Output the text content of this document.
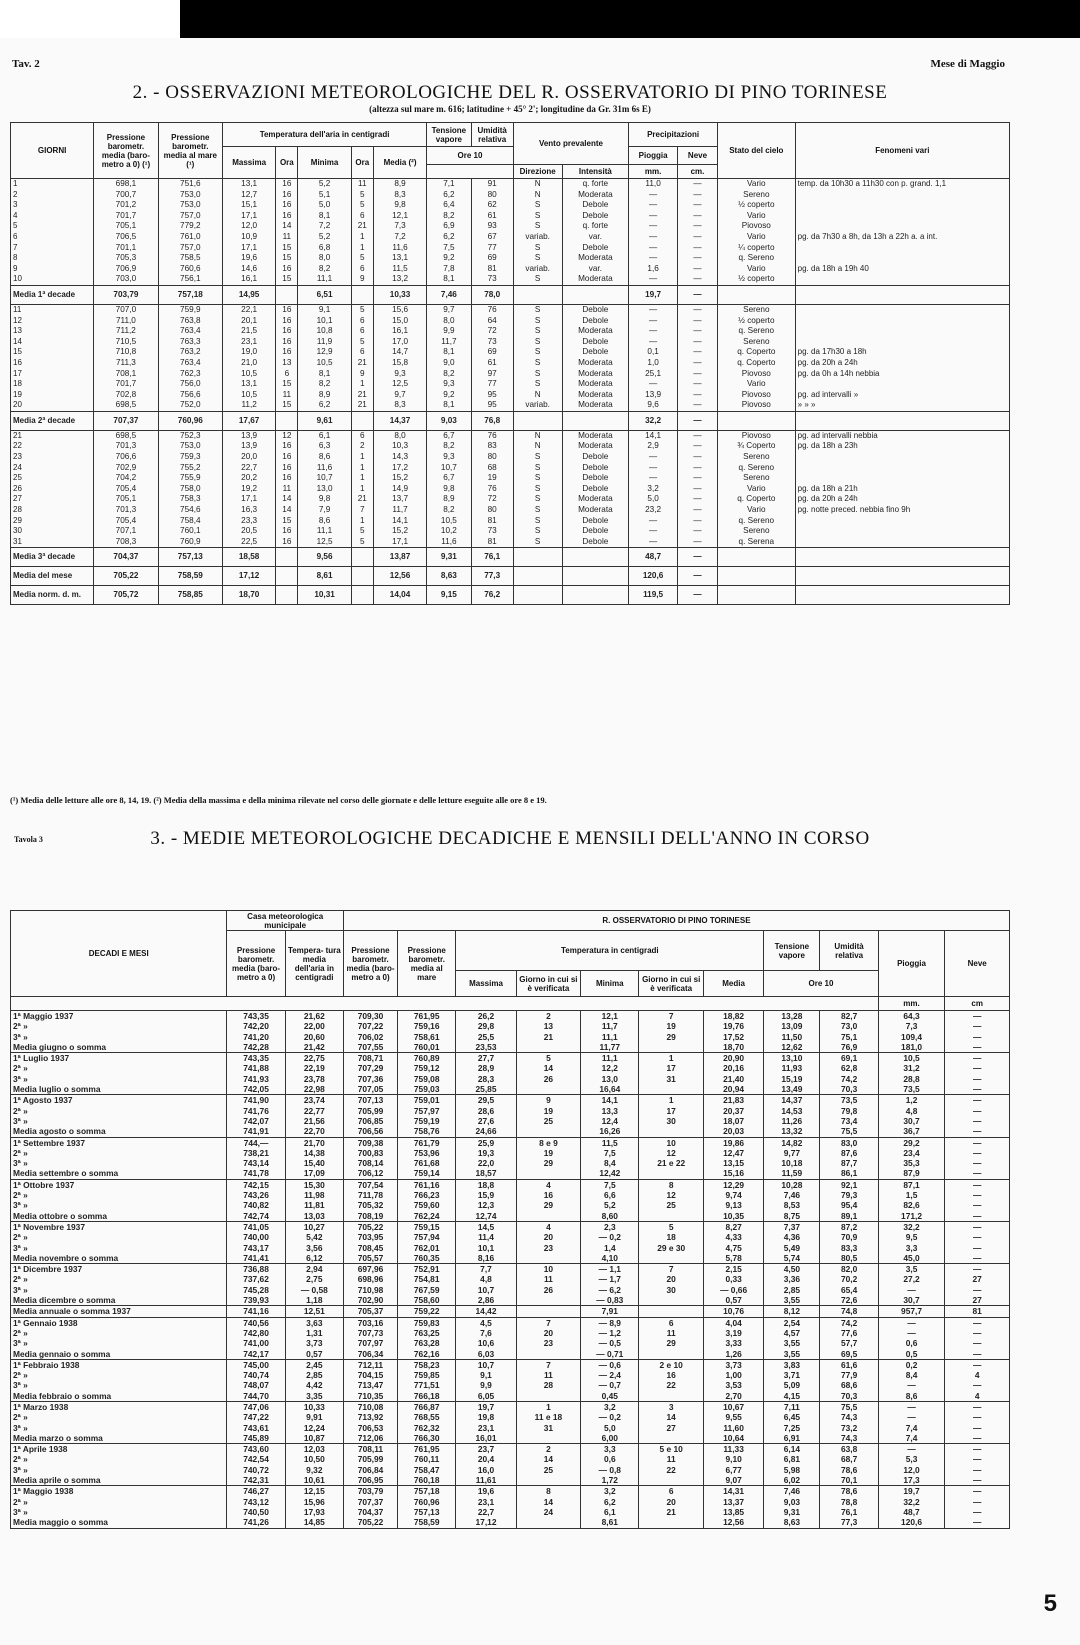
Tav. 2	Mese di Maggio
2. - OSSERVAZIONI METEOROLOGICHE DEL R. OSSERVATORIO DI PINO TORINESE
(altezza sul mare m. 616; latitudine + 45° 2'; longitudine da Gr. 31m 6s E)
GIORNI	Pressione barometr. media (baro- metro a 0) (¹)	Pressione barometr. media al mare (¹)	Temperatura dell'aria in centigradi					Tensione vapore	Umidità relativa	Vento prevalente		Precipitazioni		Stato del cielo	Fenomeni vari
			Massima	Ora	Minima	Ora	Media (²)	Ore 10				Pioggia	Neve		
										Direzione	Intensità	mm.	cm.		
1	698,1	751,6	13,1	16	5,2	11	8,9	7,1	91	N	q. forte	11,0	—	Vario	temp. da 10h30 a 11h30 con p. grand. 1,1
2	700,7	753,0	12,7	16	5,1	5	8,3	6,2	80	N	Moderata	—	—	Sereno	
3	701,2	753,0	15,1	16	5,0	5	9,8	6,4	62	S	Debole	—	—	½ coperto	
4	701,7	757,0	17,1	16	8,1	6	12,1	8,2	61	S	Debole	—	—	Vario	
5	705,1	779,2	12,0	14	7,2	21	7,3	6,9	93	S	q. forte	—	—	Piovoso	
6	706,5	761,0	10,9	11	5,2	1	7,2	6,2	67	variab.	var.	—	—	Vario	pg. da 7h30 a 8h, da 13h a 22h a. a int.
7	701,1	757,0	17,1	15	6,8	1	11,6	7,5	77	S	Debole	—	—	¼ coperto	
8	705,3	758,5	19,6	15	8,0	5	13,1	9,2	69	S	Moderata	—	—	q. Sereno	
9	706,9	760,6	14,6	16	8,2	6	11,5	7,8	81	variab.	var.	1,6	—	Vario	pg. da 18h a 19h 40
10	703,0	756,1	16,1	15	11,1	9	13,2	8,1	73	S	Moderata	—	—	½ coperto	
Media 1ª decade	703,79	757,18	14,95		6,51		10,33	7,46	78,0			19,7	—		
11	707,0	759,9	22,1	16	9,1	5	15,6	9,7	76	S	Debole	—	—	Sereno	
12	711,0	763,8	20,1	16	10,1	6	15,0	8,0	64	S	Debole	—	—	½ coperto	
13	711,2	763,4	21,5	16	10,8	6	16,1	9,9	72	S	Moderata	—	—	q. Sereno	
14	710,5	763,3	23,1	16	11,9	5	17,0	11,7	73	S	Debole	—	—	Sereno	
15	710,8	763,2	19,0	16	12,9	6	14,7	8,1	69	S	Debole	0,1	—	q. Coperto	pg. da 17h30 a 18h
16	711,3	763,4	21,0	13	10,5	21	15,8	9,0	61	S	Moderata	1,0	—	q. Coperto	pg. da 20h a 24h
17	708,1	762,3	10,5	6	8,1	9	9,3	8,2	97	S	Moderata	25,1	—	Piovoso	pg. da 0h a 14h nebbia
18	701,7	756,0	13,1	15	8,2	1	12,5	9,3	77	S	Moderata	—	—	Vario	
19	702,8	756,6	10,5	11	8,9	21	9,7	9,2	95	N	Moderata	13,9	—	Piovoso	pg. ad intervalli »
20	698,5	752,0	11,2	15	6,2	21	8,3	8,1	95	variab.	Moderata	9,6	—	Piovoso	» » »
Media 2ª decade	707,37	760,96	17,67		9,61		14,37	9,03	76,8			32,2	—		
21	698,5	752,3	13,9	12	6,1	6	8,0	6,7	76	N	Moderata	14,1	—	Piovoso	pg. ad intervalli nebbia
22	701,3	753,0	13,9	16	6,3	2	10,3	8,2	83	N	Moderata	2,9	—	¾ Coperto	pg. da 18h a 23h
23	706,6	759,3	20,0	16	8,6	1	14,3	9,3	80	S	Debole	—	—	Sereno	
24	702,9	755,2	22,7	16	11,6	1	17,2	10,7	68	S	Debole	—	—	q. Sereno	
25	704,2	755,9	20,2	16	10,7	1	15,2	6,7	19	S	Debole	—	—	Sereno	
26	705,4	758,0	19,2	11	13,0	1	14,9	9,8	76	S	Debole	3,2	—	Vario	pg. da 18h a 21h
27	705,1	758,3	17,1	14	9,8	21	13,7	8,9	72	S	Moderata	5,0	—	q. Coperto	pg. da 20h a 24h
28	701,3	754,6	16,3	14	7,9	7	11,7	8,2	80	S	Moderata	23,2	—	Vario	pg. notte preced. nebbia fino 9h
29	705,4	758,4	23,3	15	8,6	1	14,1	10,5	81	S	Debole	—	—	q. Sereno	
30	707,1	760,1	20,5	16	11,1	5	15,2	10,2	73	S	Debole	—	—	Sereno	
31	708,3	760,9	22,5	16	12,5	5	17,1	11,6	81	S	Debole	—	—	q. Serena	
Media 3ª decade	704,37	757,13	18,58		9,56		13,87	9,31	76,1			48,7	—		
Media del mese	705,22	758,59	17,12		8,61		12,56	8,63	77,3			120,6	—		
Media norm. d. m.	705,72	758,85	18,70		10,31		14,04	9,15	76,2			119,5	—		
(¹) Media delle letture alle ore 8, 14, 19. (²) Media della massima e della minima rilevate nel corso delle giornate e delle letture eseguite alle ore 8 e 19.
Tavola 3	3. - MEDIE METEOROLOGICHE DECADICHE E MENSILI DELL'ANNO IN CORSO
DECADI E MESI	Casa meteorologica municipale		R. OSSERVATORIO DI PINO TORINESE										
	Pressione barometr. media (baro- metro a 0)	Tempera- tura media dell'aria in centigradi	Pressione barometr. media (baro- metro a 0)	Pressione barometr. media al mare	Temperatura in centigradi					Tensione vapore	Umidità relativa	Pioggia	Neve
					Massima	Giorno in cui si è verificata	Minima	Giorno in cui si è verificata	Media	Ore 10			
												mm.	cm
1ª Maggio 1937	743,35	21,62	709,30	761,95	26,2	2	12,1	7	18,82	13,28	82,7	64,3	—
2ª »	742,20	22,00	707,22	759,16	29,8	13	11,7	19	19,76	13,09	73,0	7,3	—
3ª »	741,20	20,60	706,02	758,61	25,5	21	11,1	29	17,52	11,50	75,1	109,4	—
Media giugno o somma	742,28	21,42	707,55	760,01	23,53		11,77		18,70	12,62	76,9	181,0	—
1ª Luglio 1937	743,35	22,75	708,71	760,89	27,7	5	11,1	1	20,90	13,10	69,1	10,5	—
2ª »	741,88	22,19	707,29	759,12	28,9	14	12,2	17	20,16	11,93	62,8	31,2	—
3ª »	741,93	23,78	707,36	759,08	28,3	26	13,0	31	21,40	15,19	74,2	28,8	—
Media luglio o somma	742,05	22,98	707,05	759,03	25,85		16,64		20,94	13,49	70,3	73,5	—
1ª Agosto 1937	741,90	23,74	707,13	759,01	29,5	9	14,1	1	21,83	14,37	73,5	1,2	—
2ª »	741,76	22,77	705,99	757,97	28,6	19	13,3	17	20,37	14,53	79,8	4,8	—
3ª »	742,07	21,56	706,85	759,19	27,6	25	12,4	30	18,07	11,26	73,4	30,7	—
Media agosto o somma	741,91	22,70	706,56	758,76	24,66		16,26		20,03	13,32	75,5	36,7	—
1ª Settembre 1937	744,—	21,70	709,38	761,79	25,9	8 e 9	11,5	10	19,86	14,82	83,0	29,2	—
2ª »	738,21	14,38	700,83	753,96	19,3	19	7,5	12	12,47	9,77	87,6	23,4	—
3ª »	743,14	15,40	708,14	761,68	22,0	29	8,4	21 e 22	13,15	10,18	87,7	35,3	—
Media settembre o somma	741,78	17,09	706,12	759,14	18,57		12,42		15,16	11,59	86,1	87,9	—
1ª Ottobre 1937	742,15	15,30	707,54	761,16	18,8	4	7,5	8	12,29	10,28	92,1	87,1	—
2ª »	743,26	11,98	711,78	766,23	15,9	16	6,6	12	9,74	7,46	79,3	1,5	—
3ª »	740,82	11,81	705,32	759,60	12,3	29	5,2	25	9,13	8,53	95,4	82,6	—
Media ottobre o somma	742,74	13,03	708,19	762,24	12,74		8,60		10,35	8,75	89,1	171,2	—
1ª Novembre 1937	741,05	10,27	705,22	759,15	14,5	4	2,3	5	8,27	7,37	87,2	32,2	—
2ª »	740,00	5,42	703,95	757,94	11,4	20	— 0,2	18	4,33	4,36	70,9	9,5	—
3ª »	743,17	3,56	708,45	762,01	10,1	23	1,4	29 e 30	4,75	5,49	83,3	3,3	—
Media novembre o somma	741,41	6,12	705,57	760,35	8,16		4,10		5,78	5,74	80,5	45,0	—
1ª Dicembre 1937	736,88	2,94	697,96	752,91	7,7	10	— 1,1	7	2,15	4,50	82,0	3,5	—
2ª »	737,62	2,75	698,96	754,81	4,8	11	— 1,7	20	0,33	3,36	70,2	27,2	27
3ª »	745,28	— 0,58	710,98	767,59	10,7	26	— 6,2	30	— 0,66	2,85	65,4	—	—
Media dicembre o somma	739,93	1,18	702,90	758,60	2,86		— 0,83		0,57	3,55	72,6	30,7	27
Media annuale o somma 1937	741,16	12,51	705,37	759,22	14,42		7,91		10,76	8,12	74,8	957,7	81
1ª Gennaio 1938	740,56	3,63	703,16	759,83	4,5	7	— 8,9	6	4,04	2,54	74,2	—	—
2ª »	742,80	1,31	707,73	763,25	7,6	20	— 1,2	11	3,19	4,57	77,6	—	—
3ª »	741,00	3,73	707,97	763,28	10,6	23	— 0,5	29	3,33	3,55	57,7	0,6	—
Media gennaio o somma	742,17	0,57	706,34	762,16	6,03		— 0,71		1,26	3,55	69,5	0,5	—
1ª Febbraio 1938	745,00	2,45	712,11	758,23	10,7	7	— 0,6	2 e 10	3,73	3,83	61,6	0,2	—
2ª »	740,74	2,85	704,15	759,85	9,1	11	— 2,4	16	1,00	3,71	77,9	8,4	4
3ª »	748,07	4,42	713,47	771,51	9,9	28	— 0,7	22	3,53	5,09	68,6	—	—
Media febbraio o somma	744,70	3,35	710,35	766,18	6,05		0,45		2,70	4,15	70,3	8,6	4
1ª Marzo 1938	747,06	10,33	710,08	766,87	19,7	1	3,2	3	10,67	7,11	75,5	—	—
2ª »	747,22	9,91	713,92	768,55	19,8	11 e 18	— 0,2	14	9,55	6,45	74,3	—	—
3ª »	743,61	12,24	706,53	762,32	23,1	31	5,0	27	11,60	7,25	73,2	7,4	—
Media marzo o somma	745,89	10,87	712,06	766,30	16,01		6,00		10,64	6,91	74,3	7,4	—
1ª Aprile 1938	743,60	12,03	708,11	761,95	23,7	2	3,3	5 e 10	11,33	6,14	63,8	—	—
2ª »	742,54	10,50	705,99	760,11	20,4	14	0,6	11	9,10	6,81	68,7	5,3	—
3ª »	740,72	9,32	706,84	758,47	16,0	25	— 0,8	22	6,77	5,98	78,6	12,0	—
Media aprile o somma	742,31	10,61	706,95	760,18	11,61		1,72		9,07	6,02	70,1	17,3	—
1ª Maggio 1938	746,27	12,15	703,79	757,18	19,6	8	3,2	6	14,31	7,46	78,6	19,7	—
2ª »	743,12	15,96	707,37	760,96	23,1	14	6,2	20	13,37	9,03	78,8	32,2	—
3ª »	740,50	17,93	704,37	757,13	22,7	24	6,1	21	13,85	9,31	76,1	48,7	—
Media maggio o somma	741,26	14,85	705,22	758,59	17,12		8,61		12,56	8,63	77,3	120,6	—
5
